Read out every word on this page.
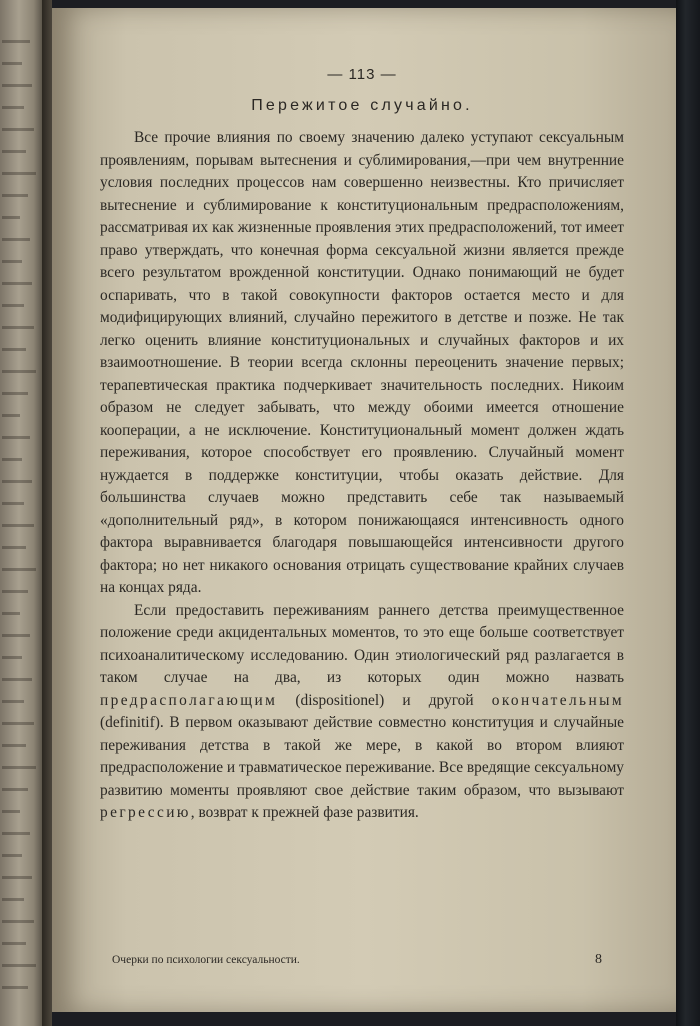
— 113 —

Пережитое случайно.

Все прочие влияния по своему значению далеко уступают сексуальным проявлениям, порывам вытеснения и сублимирования,—при чем внутренние условия последних процессов нам совершенно неизвестны. Кто причисляет вытеснение и сублимирование к конституциональным предрасположениям, рассматривая их как жизненные проявления этих предрасположений, тот имеет право утверждать, что конечная форма сексуальной жизни является прежде всего результатом врожденной конституции. Однако понимающий не будет оспаривать, что в такой совокупности факторов остается место и для модифицирующих влияний, случайно пережитого в детстве и позже. Не так легко оценить влияние конституциональных и случайных факторов и их взаимоотношение. В теории всегда склонны переоценить значение первых; терапевтическая практика подчеркивает значительность последних. Никоим образом не следует забывать, что между обоими имеется отношение кооперации, а не исключение. Конституциональный момент должен ждать переживания, которое способствует его проявлению. Случайный момент нуждается в поддержке конституции, чтобы оказать действие. Для большинства случаев можно представить себе так называемый «дополнительный ряд», в котором понижающаяся интенсивность одного фактора выравнивается благодаря повышающейся интенсивности другого фактора; но нет никакого основания отрицать существование крайних случаев на концах ряда.

Если предоставить переживаниям раннего детства преимущественное положение среди акцидентальных моментов, то это еще больше соответствует психоаналитическому исследованию. Один этиологический ряд разлагается в таком случае на два, из которых один можно назвать предрасполагающим (dispositionel) и другой окончательным (definitif). В первом оказывают действие совместно конституция и случайные переживания детства в такой же мере, в какой во втором влияют предрасположение и травматическое переживание. Все вредящие сексуальному развитию моменты проявляют свое действие таким образом, что вызывают регрессию, возврат к прежней фазе развития.

Очерки по психологии сексуальности.	8
